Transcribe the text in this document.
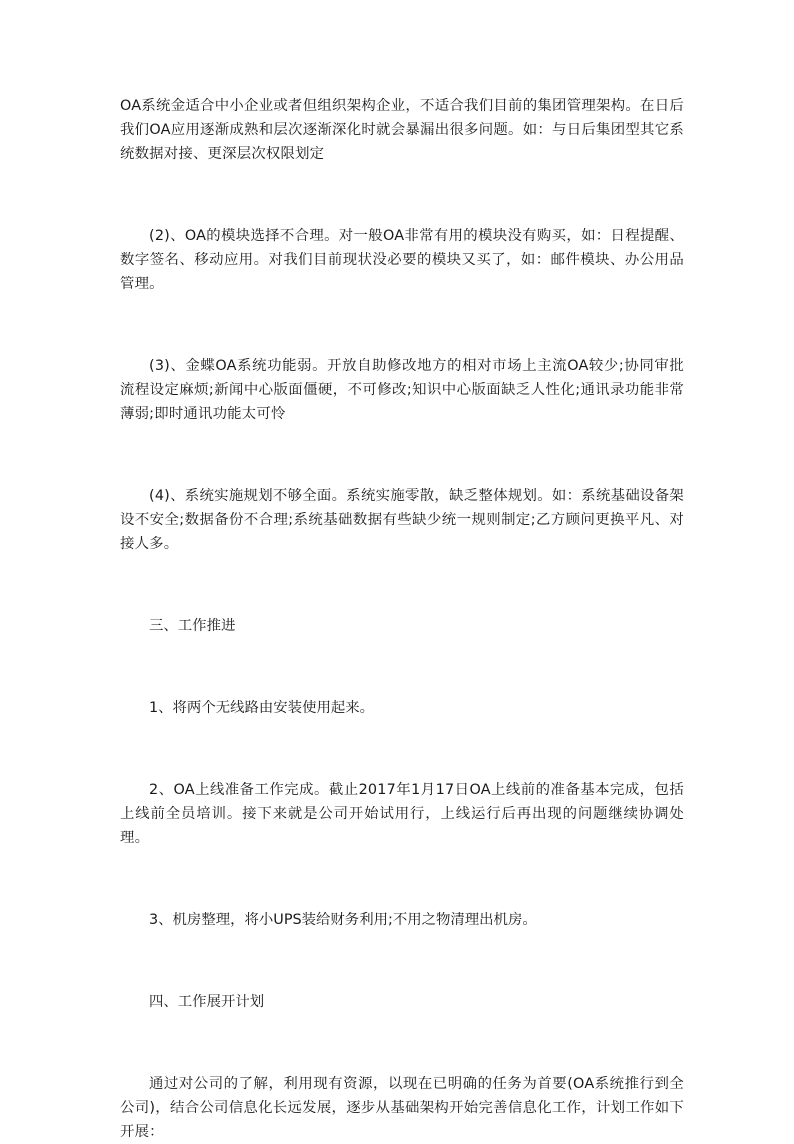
OA系统金适合中小企业或者但组织架构企业，不适合我们目前的集团管理架构。在日后我们OA应用逐渐成熟和层次逐渐深化时就会暴漏出很多问题。如：与日后集团型其它系统数据对接、更深层次权限划定

(2)、OA的模块选择不合理。对一般OA非常有用的模块没有购买，如：日程提醒、数字签名、移动应用。对我们目前现状没必要的模块又买了，如：邮件模块、办公用品管理。

(3)、金蝶OA系统功能弱。开放自助修改地方的相对市场上主流OA较少;协同审批流程设定麻烦;新闻中心版面僵硬，不可修改;知识中心版面缺乏人性化;通讯录功能非常薄弱;即时通讯功能太可怜

(4)、系统实施规划不够全面。系统实施零散，缺乏整体规划。如：系统基础设备架设不安全;数据备份不合理;系统基础数据有些缺少统一规则制定;乙方顾问更换平凡、对接人多。

三、工作推进

1、将两个无线路由安装使用起来。

2、OA上线准备工作完成。截止2017年1月17日OA上线前的准备基本完成，包括上线前全员培训。接下来就是公司开始试用行，上线运行后再出现的问题继续协调处理。

3、机房整理，将小UPS装给财务利用;不用之物清理出机房。

四、工作展开计划

通过对公司的了解，利用现有资源，以现在已明确的任务为首要(OA系统推行到全公司)，结合公司信息化长远发展，逐步从基础架构开始完善信息化工作，计划工作如下开展：
